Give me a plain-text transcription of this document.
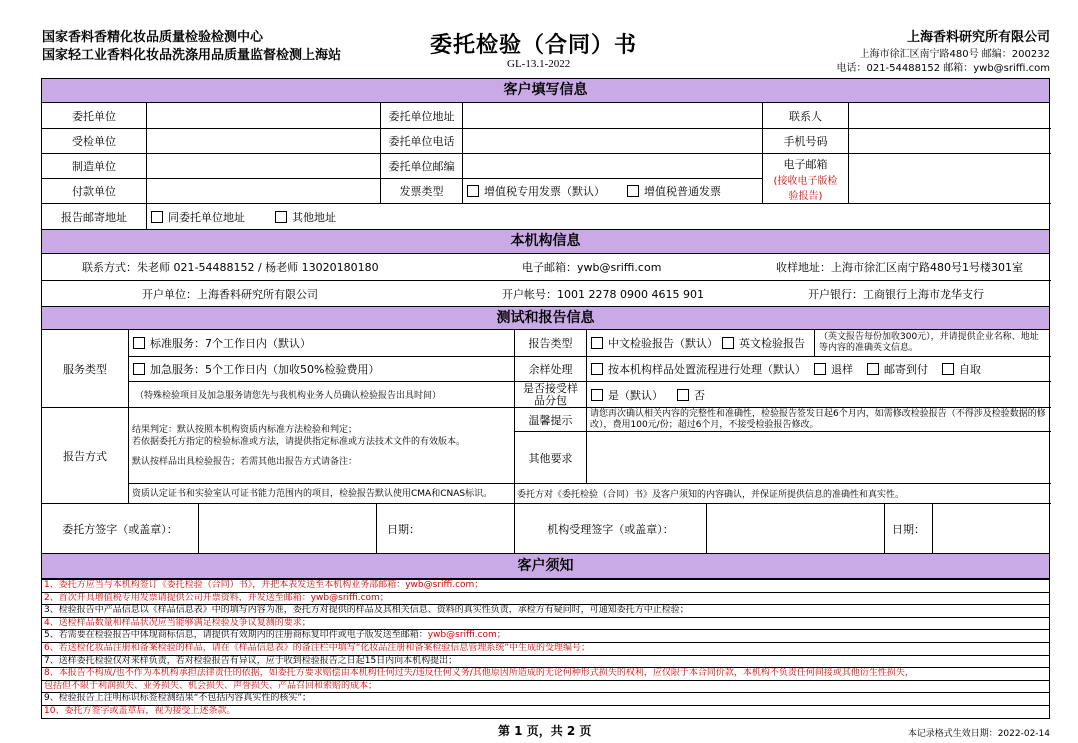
国家香料香精化妆品质量检验检测中心
国家轻工业香料化妆品洗涤用品质量监督检测上海站	委托检验（合同）书
GL-13.1-2022
上海香料研究所有限公司
上海市徐汇区南宁路480号 邮编：200232
电话：021-54488152 邮箱：ywb@sriffi.com
客户填写信息
委托单位	委托单位地址	联系人
受检单位	委托单位电话	手机号码
制造单位	委托单位邮编	电子邮箱
(接收电子版检验报告)
付款单位	发票类型	增值税专用发票（默认）	增值税普通发票
报告邮寄地址	同委托单位地址	其他地址
本机构信息
联系方式：朱老师 021-54488152 / 杨老师 13020180180	电子邮箱：ywb@sriffi.com	收样地址：上海市徐汇区南宁路480号1号楼301室
开户单位：上海香料研究所有限公司	开户帐号：1001 2278 0900 4615 901	开户银行：工商银行上海市龙华支行
测试和报告信息
服务类型
标准服务：7个工作日内（默认）
加急服务：5个工作日内（加收50%检验费用）
（特殊检验项目及加急服务请您先与我机构业务人员确认检验报告出具时间）
报告类型	中文检验报告（默认） 英文检验报告	（英文报告每份加收300元），并请提供企业名称、地址等内容的准确英文信息。
余样处理	按本机构样品处置流程进行处理（默认） 退样	邮寄到付	自取
是否接受样品分包	是（默认）	否
报告方式
结果判定：默认按照本机构资质内标准方法检验和判定；
若依据委托方指定的检验标准或方法，请提供指定标准或方法技术文件的有效版本。
默认按样品出具检验报告；若需其他出报告方式请备注：
资质认定证书和实验室认可证书能力范围内的项目，检验报告默认使用CMA和CNAS标识。
温馨提示	请您再次确认相关内容的完整性和准确性，检验报告签发日起6个月内，如需修改检验报告（不得涉及检验数据的修改），费用100元/份；超过6个月，不接受检验报告修改。
其他要求
委托方对《委托检验（合同）书》及客户须知的内容确认，并保证所提供信息的准确性和真实性。
委托方签字（或盖章）：	日期：	机构受理签字（或盖章）：	日期：
客户须知
1、委托方应当与本机构签订《委托检验（合同）书》，并把本表发送至本机构业务部邮箱：ywb@sriffi.com；
2、首次开具增值税专用发票请提供公司开票资料，并发送至邮箱：ywb@sriffi.com；
3、检验报告中产品信息以《样品信息表》中的填写内容为准，委托方对提供的样品及其相关信息、资料的真实性负责，承检方有疑问时，可通知委托方中止检验；
4、送检样品数量和样品状况应当能够满足检验及争议复测的要求；
5、若需要在检验报告中体现商标信息，请提供有效期内的注册商标复印件或电子版发送至邮箱：ywb@sriffi.com；
6、若送检化妆品注册和备案检验的样品，请在《样品信息表》的备注栏中填写“化妆品注册和备案检验信息管理系统”中生成的受理编号；
7、送样委托检验仅对来样负责，若对检验报告有异议，应于收到检验报告之日起15日内向本机构提出；
8、本报告不构成/也不作为本机构承担法律责任的依据，如委托方要求赔偿由本机构任何过失/违反任何义务/其他原因所造成的无论何种形式损失的权利，应仅限于本合同价款，本机构不负责任何间接或其他衍生性损失，
包括但不限于利润损失、业务损失、机会损失、声誉损失、产品召回和索赔的成本；
9、检验报告上注明标识标签检测结果“不包括内容真实性的核实”；
10、委托方签字或盖章后，视为接受上述条款。
第 1 页，共 2 页	本记录格式生效日期：2022-02-14
